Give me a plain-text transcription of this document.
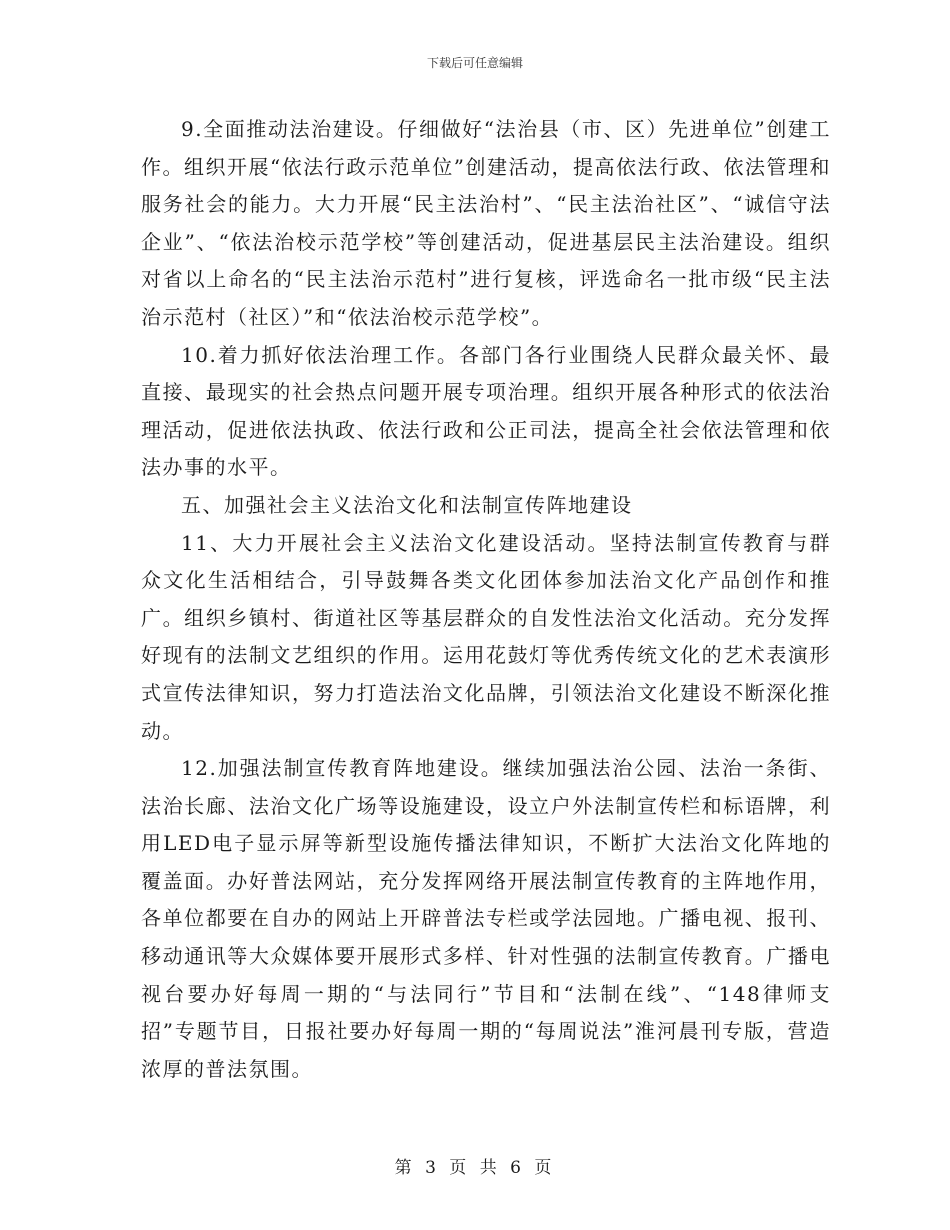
下载后可任意编辑

9.全面推动法治建设。仔细做好“法治县（市、区）先进单位”创建工作。组织开展“依法行政示范单位”创建活动，提高依法行政、依法管理和服务社会的能力。大力开展“民主法治村”、“民主法治社区”、“诚信守法企业”、“依法治校示范学校”等创建活动，促进基层民主法治建设。组织对省以上命名的“民主法治示范村”进行复核，评选命名一批市级“民主法治示范村（社区）”和“依法治校示范学校”。

10.着力抓好依法治理工作。各部门各行业围绕人民群众最关怀、最直接、最现实的社会热点问题开展专项治理。组织开展各种形式的依法治理活动，促进依法执政、依法行政和公正司法，提高全社会依法管理和依法办事的水平。

五、加强社会主义法治文化和法制宣传阵地建设

11、大力开展社会主义法治文化建设活动。坚持法制宣传教育与群众文化生活相结合，引导鼓舞各类文化团体参加法治文化产品创作和推广。组织乡镇村、街道社区等基层群众的自发性法治文化活动。充分发挥好现有的法制文艺组织的作用。运用花鼓灯等优秀传统文化的艺术表演形式宣传法律知识，努力打造法治文化品牌，引领法治文化建设不断深化推动。

12.加强法制宣传教育阵地建设。继续加强法治公园、法治一条街、法治长廊、法治文化广场等设施建设，设立户外法制宣传栏和标语牌，利用LED电子显示屏等新型设施传播法律知识，不断扩大法治文化阵地的覆盖面。办好普法网站，充分发挥网络开展法制宣传教育的主阵地作用，各单位都要在自办的网站上开辟普法专栏或学法园地。广播电视、报刊、移动通讯等大众媒体要开展形式多样、针对性强的法制宣传教育。广播电视台要办好每周一期的“与法同行”节目和“法制在线”、“148律师支招”专题节目，日报社要办好每周一期的“每周说法”淮河晨刊专版，营造浓厚的普法氛围。

第 3 页 共 6 页
